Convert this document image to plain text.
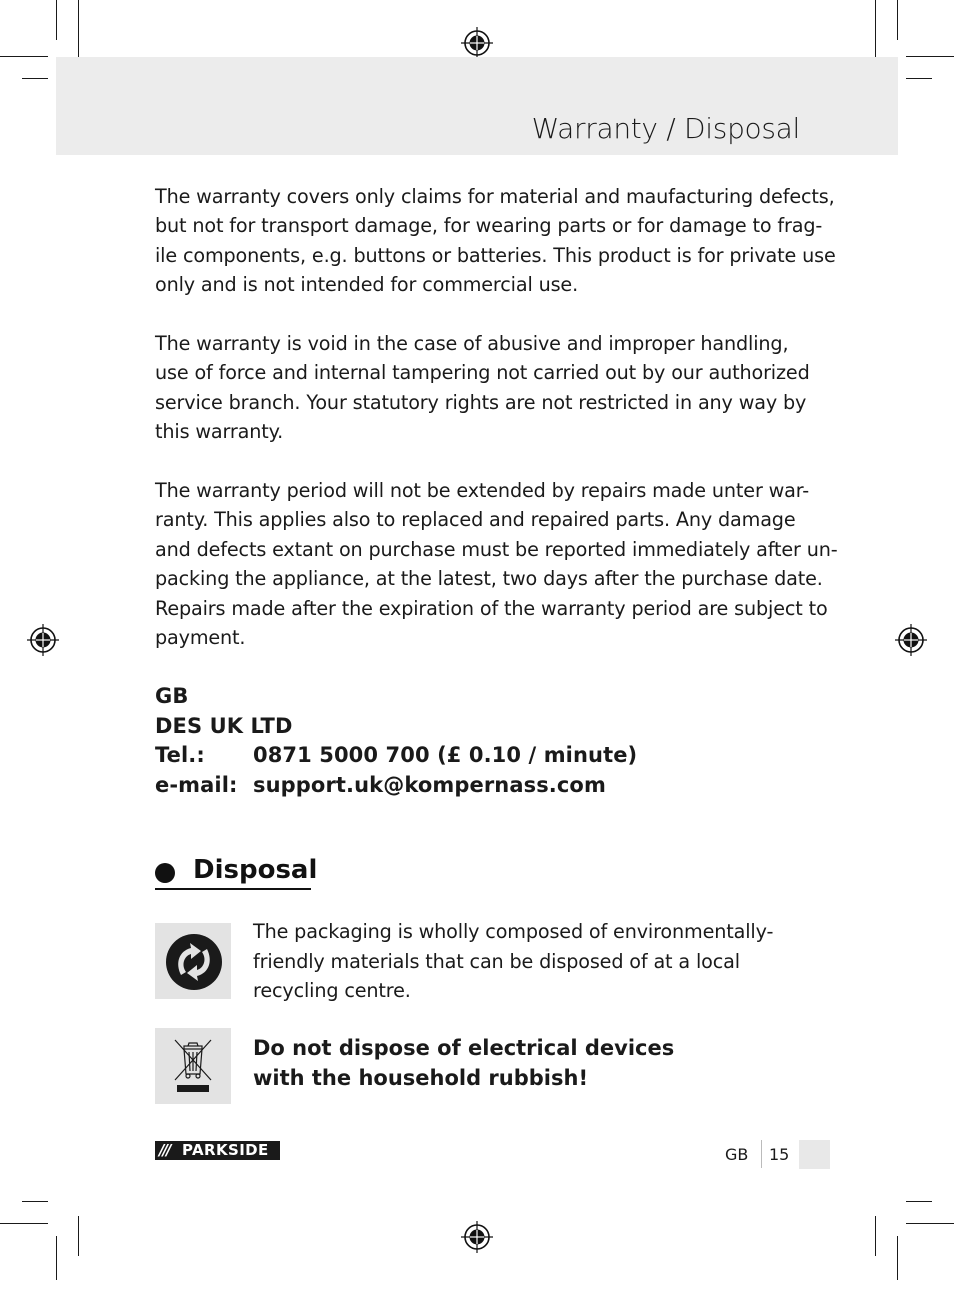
Warranty / Disposal

The warranty covers only claims for material and maufacturing defects,
but not for transport damage, for wearing parts or for damage to frag-
ile components, e.g. buttons or batteries. This product is for private use
only and is not intended for commercial use.

The warranty is void in the case of abusive and improper handling,
use of force and internal tampering not carried out by our authorized
service branch. Your statutory rights are not restricted in any way by
this warranty.

The warranty period will not be extended by repairs made unter war-
ranty. This applies also to replaced and repaired parts. Any damage
and defects extant on purchase must be reported immediately after un-
packing the appliance, at the latest, two days after the purchase date.
Repairs made after the expiration of the warranty period are subject to
payment.

GB
DES UK LTD
Tel.: 0871 5000 700 (£ 0.10 / minute)
e-mail: support.uk@kompernass.com
Disposal
The packaging is wholly composed of environmentally-
friendly materials that can be disposed of at a local
recycling centre.
Do not dispose of electrical devices
with the household rubbish!
/// PARKSIDE	GB 15
